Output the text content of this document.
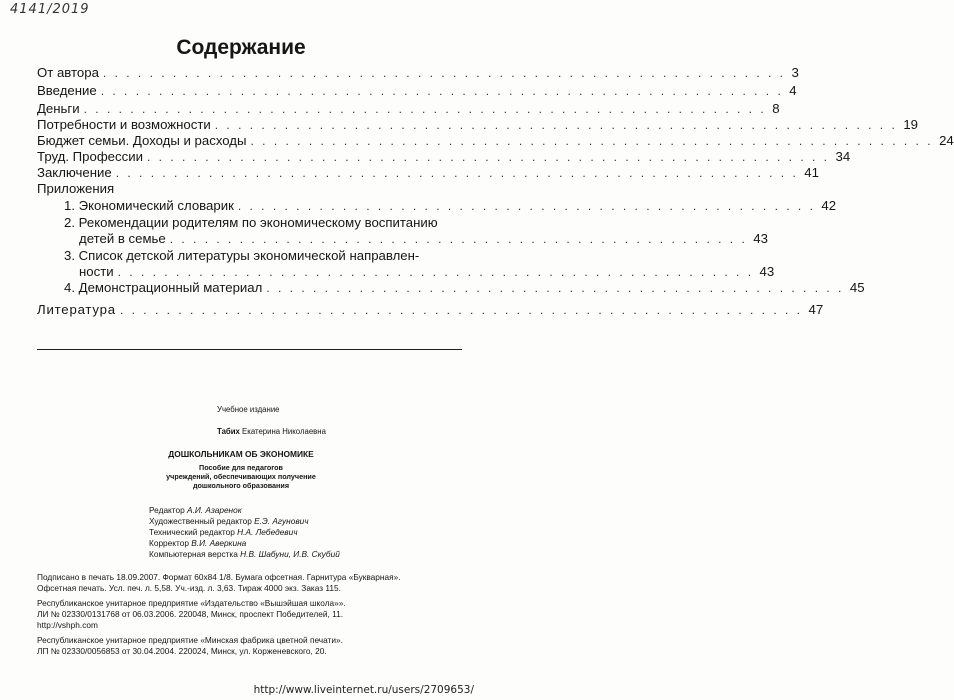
4141/2019
Содержание
От автора . . . . . . . . . . . . . . . . . . . . . . . . . . . . . . . . . . . . . . . . . . . . . . . . . . . . . . . . . . . 3
Введение . . . . . . . . . . . . . . . . . . . . . . . . . . . . . . . . . . . . . . . . . . . . . . . . . . . . . . . . . . . 4
Деньги . . . . . . . . . . . . . . . . . . . . . . . . . . . . . . . . . . . . . . . . . . . . . . . . . . . . . . . . . . . 8
Потребности и возможности . . . . . . . . . . . . . . . . . . . . . . . . . . . . . . . . . . . . . . . . . . . . . . . . . . . . . . . . . . . 19
Бюджет семьи. Доходы и расходы . . . . . . . . . . . . . . . . . . . . . . . . . . . . . . . . . . . . . . . . . . . . . . . . . . . . . . . . . . . 24
Труд. Профессии . . . . . . . . . . . . . . . . . . . . . . . . . . . . . . . . . . . . . . . . . . . . . . . . . . . . . . . . . . . 34
Заключение . . . . . . . . . . . . . . . . . . . . . . . . . . . . . . . . . . . . . . . . . . . . . . . . . . . . . . . . . . . 41
Приложения
1. Экономический словарик . . . . . . . . . . . . . . . . . . . . . . . . . . . . . . . . . . . . . . . . . . . . . . . . . . 42
2. Рекомендации родителям по экономическому воспитанию
детей в семье . . . . . . . . . . . . . . . . . . . . . . . . . . . . . . . . . . . . . . . . . . . . . . . . . . 43
3. Список детской литературы экономической направлен-
ности . . . . . . . . . . . . . . . . . . . . . . . . . . . . . . . . . . . . . . . . . . . . . . . . . . . . . . . 43
4. Демонстрационный материал . . . . . . . . . . . . . . . . . . . . . . . . . . . . . . . . . . . . . . . . . . . . . . . . . . 45
Литература . . . . . . . . . . . . . . . . . . . . . . . . . . . . . . . . . . . . . . . . . . . . . . . . . . . . . . . . . . . 47
Учебное издание
Табих Екатерина Николаевна
ДОШКОЛЬНИКАМ ОБ ЭКОНОМИКЕ
Пособие для педагогов
учреждений, обеспечивающих получение
дошкольного образования
Редактор А.И. Азаренок
Художественный редактор Е.Э. Агунович
Технический редактор Н.А. Лебедевич
Корректор В.И. Аверкина
Компьютерная верстка Н.В. Шабуни, И.В. Скубий
Подписано в печать 18.09.2007. Формат 60x84 1/8. Бумага офсетная. Гарнитура «Букварная».
Офсетная печать. Усл. печ. л. 5,58. Уч.-изд. л. 3,63. Тираж 4000 экз. Заказ 115.
Республиканское унитарное предприятие «Издательство «Вышэйшая школа»».
ЛИ № 02330/0131768 от 06.03.2006. 220048, Минск, проспект Победителей, 11.
http://vshph.com
Республиканское унитарное предприятие «Минская фабрика цветной печати».
ЛП № 02330/0056853 от 30.04.2004. 220024, Минск, ул. Корженевского, 20.
http://www.liveinternet.ru/users/2709653/
